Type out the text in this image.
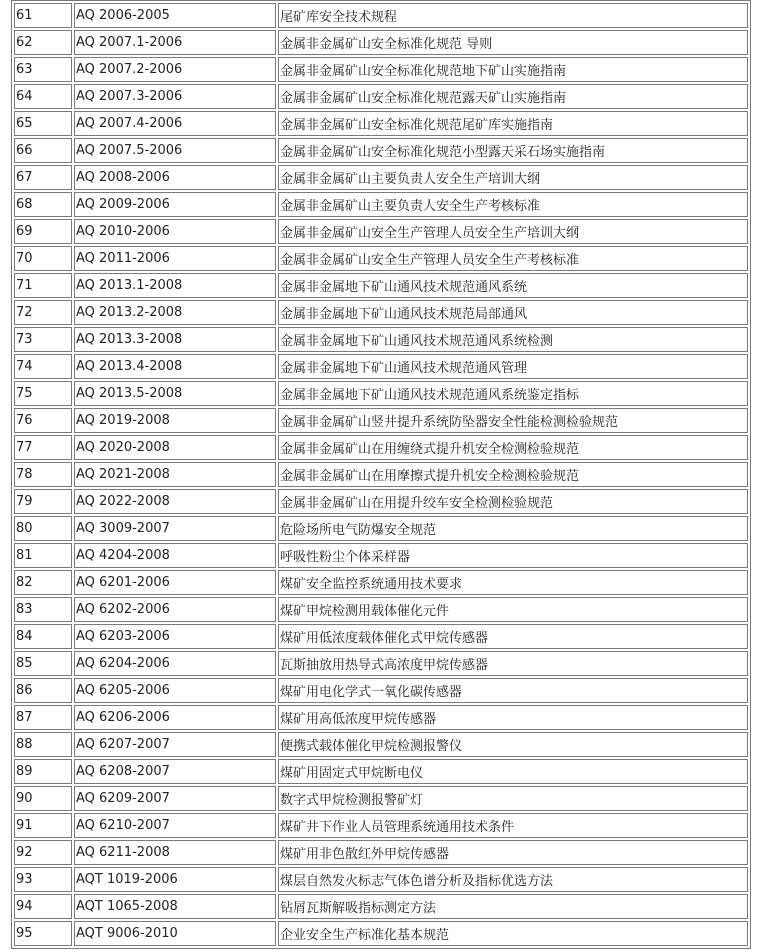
61	AQ 2006-2005	尾矿库安全技术规程
62	AQ 2007.1-2006	金属非金属矿山安全标准化规范 导则
63	AQ 2007.2-2006	金属非金属矿山安全标准化规范地下矿山实施指南
64	AQ 2007.3-2006	金属非金属矿山安全标准化规范露天矿山实施指南
65	AQ 2007.4-2006	金属非金属矿山安全标准化规范尾矿库实施指南
66	AQ 2007.5-2006	金属非金属矿山安全标准化规范小型露天采石场实施指南
67	AQ 2008-2006	金属非金属矿山主要负责人安全生产培训大纲
68	AQ 2009-2006	金属非金属矿山主要负责人安全生产考核标准
69	AQ 2010-2006	金属非金属矿山安全生产管理人员安全生产培训大纲
70	AQ 2011-2006	金属非金属矿山安全生产管理人员安全生产考核标准
71	AQ 2013.1-2008	金属非金属地下矿山通风技术规范通风系统
72	AQ 2013.2-2008	金属非金属地下矿山通风技术规范局部通风
73	AQ 2013.3-2008	金属非金属地下矿山通风技术规范通风系统检测
74	AQ 2013.4-2008	金属非金属地下矿山通风技术规范通风管理
75	AQ 2013.5-2008	金属非金属地下矿山通风技术规范通风系统鉴定指标
76	AQ 2019-2008	金属非金属矿山竖井提升系统防坠器安全性能检测检验规范
77	AQ 2020-2008	金属非金属矿山在用缠绕式提升机安全检测检验规范
78	AQ 2021-2008	金属非金属矿山在用摩擦式提升机安全检测检验规范
79	AQ 2022-2008	金属非金属矿山在用提升绞车安全检测检验规范
80	AQ 3009-2007	危险场所电气防爆安全规范
81	AQ 4204-2008	呼吸性粉尘个体采样器
82	AQ 6201-2006	煤矿安全监控系统通用技术要求
83	AQ 6202-2006	煤矿甲烷检测用载体催化元件
84	AQ 6203-2006	煤矿用低浓度载体催化式甲烷传感器
85	AQ 6204-2006	瓦斯抽放用热导式高浓度甲烷传感器
86	AQ 6205-2006	煤矿用电化学式一氧化碳传感器
87	AQ 6206-2006	煤矿用高低浓度甲烷传感器
88	AQ 6207-2007	便携式载体催化甲烷检测报警仪
89	AQ 6208-2007	煤矿用固定式甲烷断电仪
90	AQ 6209-2007	数字式甲烷检测报警矿灯
91	AQ 6210-2007	煤矿井下作业人员管理系统通用技术条件
92	AQ 6211-2008	煤矿用非色散红外甲烷传感器
93	AQT 1019-2006	煤层自然发火标志气体色谱分析及指标优选方法
94	AQT 1065-2008	钻屑瓦斯解吸指标测定方法
95	AQT 9006-2010	企业安全生产标准化基本规范
